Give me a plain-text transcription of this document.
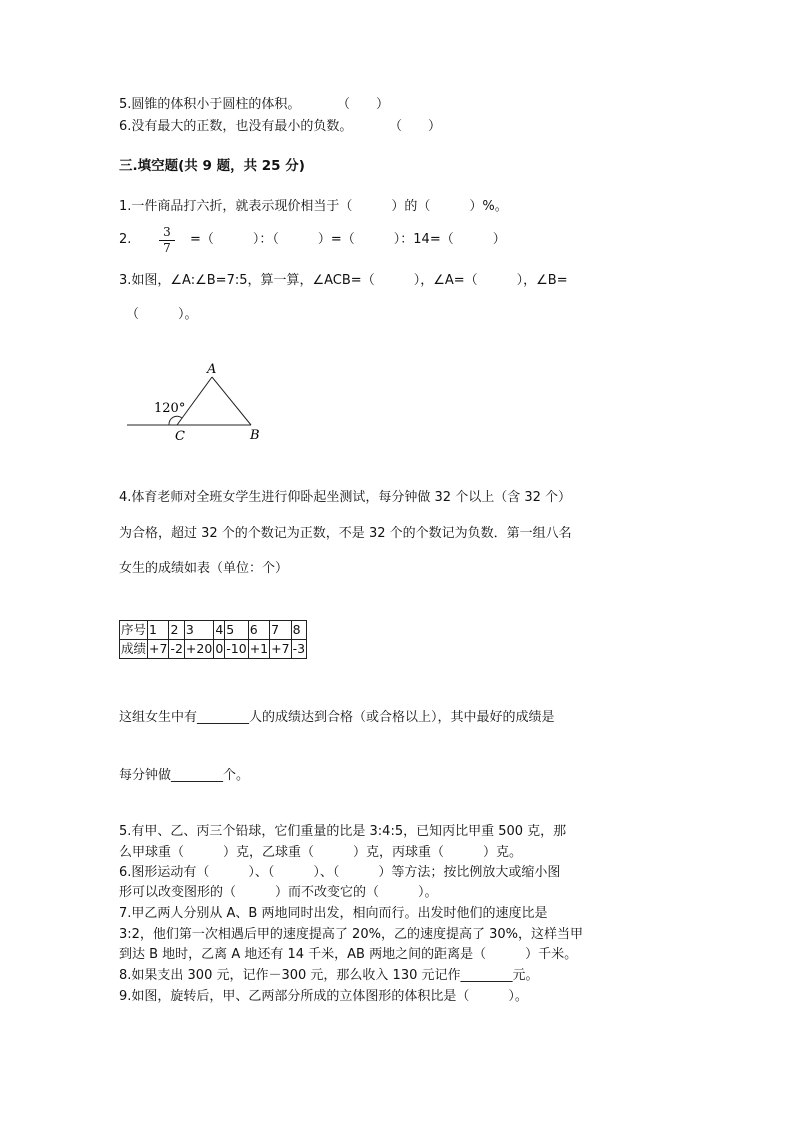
5.圆锥的体积小于圆柱的体积。　　　 （　　）
6.没有最大的正数，也没有最小的负数。　　　 （　　）
三.填空题(共 9 题，共 25 分)
1.一件商品打六折，就表示现价相当于（　　　）的（　　　）%。
2. $\frac{3}{7}$ =（　　　）：（　　　）=（　　　）：14=（　　　）
3.如图，∠A:∠B=7:5，算一算，∠ACB=（　　　），∠A=（　　　），∠B=
（　　　）。
120°
A
C	B
4.体育老师对全班女学生进行仰卧起坐测试，每分钟做 32 个以上（含 32 个）
为合格，超过 32 个的个数记为正数，不是 32 个的个数记为负数．第一组八名
女生的成绩如表（单位：个）
序号	1	2	3	4	5	6	7	8
成绩	+7	-2	+20	0	-10	+1	+7	-3
这组女生中有________人的成绩达到合格（或合格以上），其中最好的成绩是
每分钟做________个。
5.有甲、乙、丙三个铅球，它们重量的比是 3:4:5，已知丙比甲重 500 克，那
么甲球重（　　　）克，乙球重（　　　）克，丙球重（　　　）克。
6.图形运动有（　　　）、（　　　）、（　　　）等方法；按比例放大或缩小图
形可以改变图形的（　　　）而不改变它的（　　　）。
7.甲乙两人分别从 A、B 两地同时出发，相向而行。出发时他们的速度比是
3:2，他们第一次相遇后甲的速度提高了 20%，乙的速度提高了 30%，这样当甲
到达 B 地时，乙离 A 地还有 14 千米，AB 两地之间的距离是（　　　）千米。
8.如果支出 300 元，记作－300 元，那么收入 130 元记作________元。
9.如图，旋转后，甲、乙两部分所成的立体图形的体积比是（　　　）。
